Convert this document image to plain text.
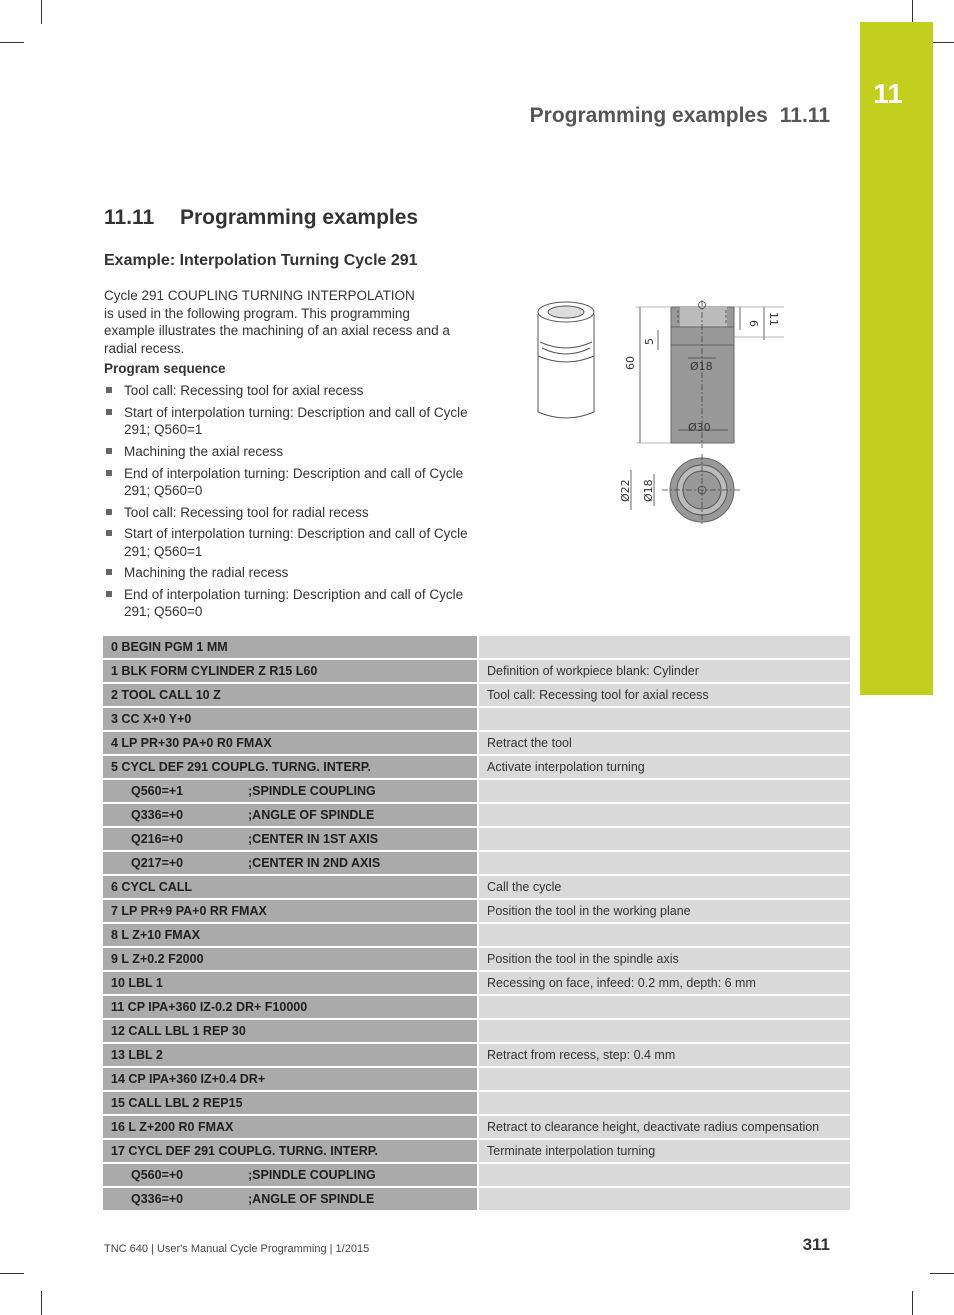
11
Programming examples 11.11
11.11 Programming examples
Example: Interpolation Turning Cycle 291
Cycle 291 COUPLING TURNING INTERPOLATION
is used in the following program. This programming
example illustrates the machining of an axial recess and a
radial recess.
Program sequence
Tool call: Recessing tool for axial recess
Start of interpolation turning: Description and call of Cycle 291; Q560=1
Machining the axial recess
End of interpolation turning: Description and call of Cycle 291; Q560=0
Tool call: Recessing tool for radial recess
Start of interpolation turning: Description and call of Cycle 291; Q560=1
Machining the radial recess
End of interpolation turning: Description and call of Cycle 291; Q560=0
Ø18
Ø30
60
5
6 11
Ø22 Ø18
0 BEGIN PGM 1 MM	
1 BLK FORM CYLINDER Z R15 L60	Definition of workpiece blank: Cylinder
2 TOOL CALL 10 Z	Tool call: Recessing tool for axial recess
3 CC X+0 Y+0	
4 LP PR+30 PA+0 R0 FMAX	Retract the tool
5 CYCL DEF 291 COUPLG. TURNG. INTERP.	Activate interpolation turning
Q560=+1 ;SPINDLE COUPLING	
Q336=+0 ;ANGLE OF SPINDLE	
Q216=+0 ;CENTER IN 1ST AXIS	
Q217=+0 ;CENTER IN 2ND AXIS	
6 CYCL CALL	Call the cycle
7 LP PR+9 PA+0 RR FMAX	Position the tool in the working plane
8 L Z+10 FMAX	
9 L Z+0.2 F2000	Position the tool in the spindle axis
10 LBL 1	Recessing on face, infeed: 0.2 mm, depth: 6 mm
11 CP IPA+360 IZ-0.2 DR+ F10000	
12 CALL LBL 1 REP 30	
13 LBL 2	Retract from recess, step: 0.4 mm
14 CP IPA+360 IZ+0.4 DR+	
15 CALL LBL 2 REP15	
16 L Z+200 R0 FMAX	Retract to clearance height, deactivate radius compensation
17 CYCL DEF 291 COUPLG. TURNG. INTERP.	Terminate interpolation turning
Q560=+0 ;SPINDLE COUPLING	
Q336=+0 ;ANGLE OF SPINDLE	
TNC 640 | User's Manual Cycle Programming | 1/2015	311
